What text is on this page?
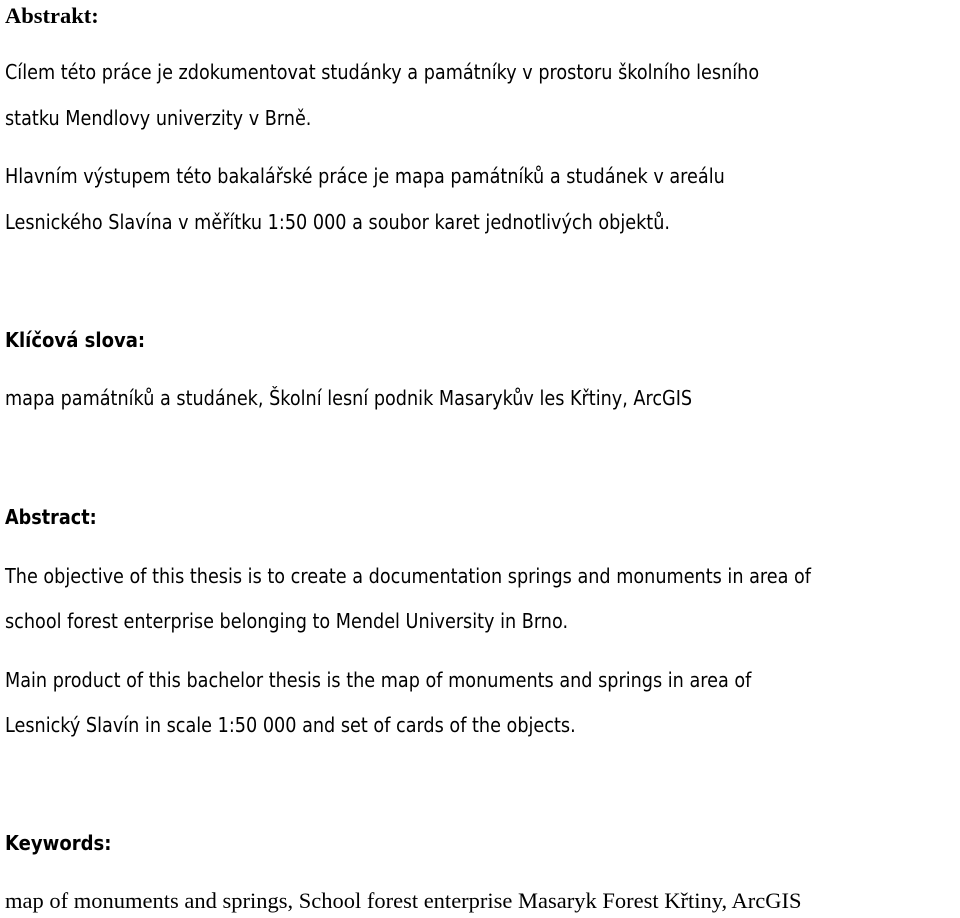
Abstrakt:

Cílem této práce je zdokumentovat studánky a památníky v prostoru školního lesního

statku Mendlovy univerzity v Brně.

Hlavním výstupem této bakalářské práce je mapa památníků a studánek v areálu

Lesnického Slavína v měřítku 1:50 000 a soubor karet jednotlivých objektů.

Klíčová slova:

mapa památníků a studánek, Školní lesní podnik Masarykův les Křtiny, ArcGIS

Abstract:

The objective of this thesis is to create a documentation springs and monuments in area of

school forest enterprise belonging to Mendel University in Brno.

Main product of this bachelor thesis is the map of monuments and springs in area of

Lesnický Slavín in scale 1:50 000 and set of cards of the objects.

Keywords:

map of monuments and springs, School forest enterprise Masaryk Forest Křtiny, ArcGIS
